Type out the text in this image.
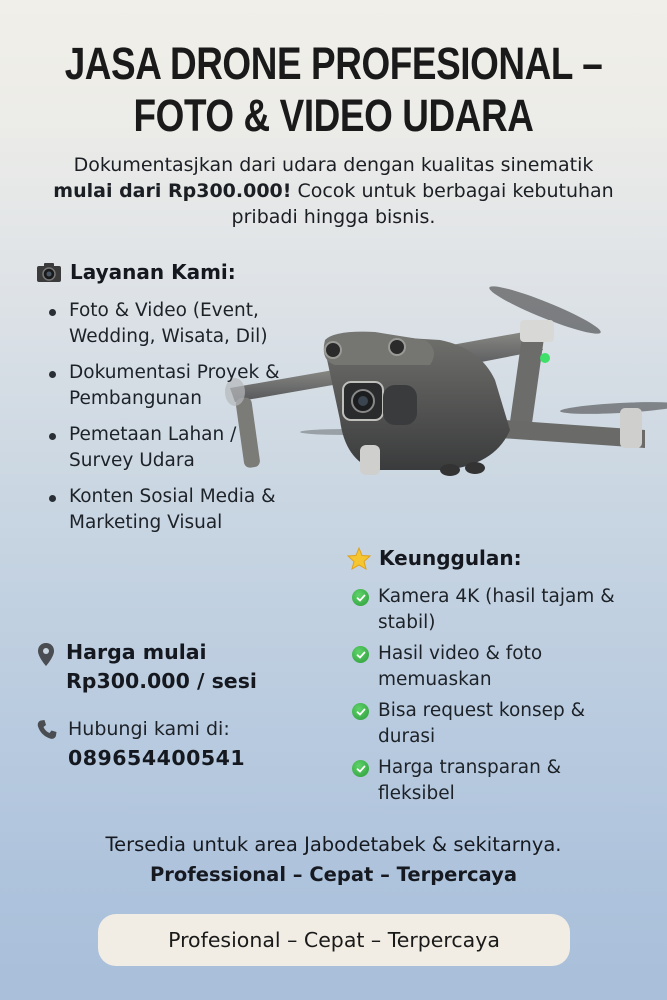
JASA DRONE PROFESIONAL –
FOTO & VIDEO UDARA

Dokumentasjkan dari udara dengan kualitas sinematik
mulai dari Rp300.000! Cocok untuk berbagai kebutuhan pribadi hingga bisnis.

Layanan Kami:
Foto & Video (Event, Wedding, Wisata, Dil)
Dokumentasi Proyek & Pembangunan
Pemetaan Lahan / Survey Udara
Konten Sosial Media & Marketing Visual
Keunggulan:
Kamera 4K (hasil tajam & stabil)
Hasil video & foto memuaskan
Bisa request konsep & durasi
Harga transparan & fleksibel
Harga mulai
Rp300.000 / sesi
Hubungi kami di:
089654400541
Tersedia untuk area Jabodetabek & sekitarnya.
Professional – Cepat – Terpercaya
Profesional – Cepat – Terpercaya
